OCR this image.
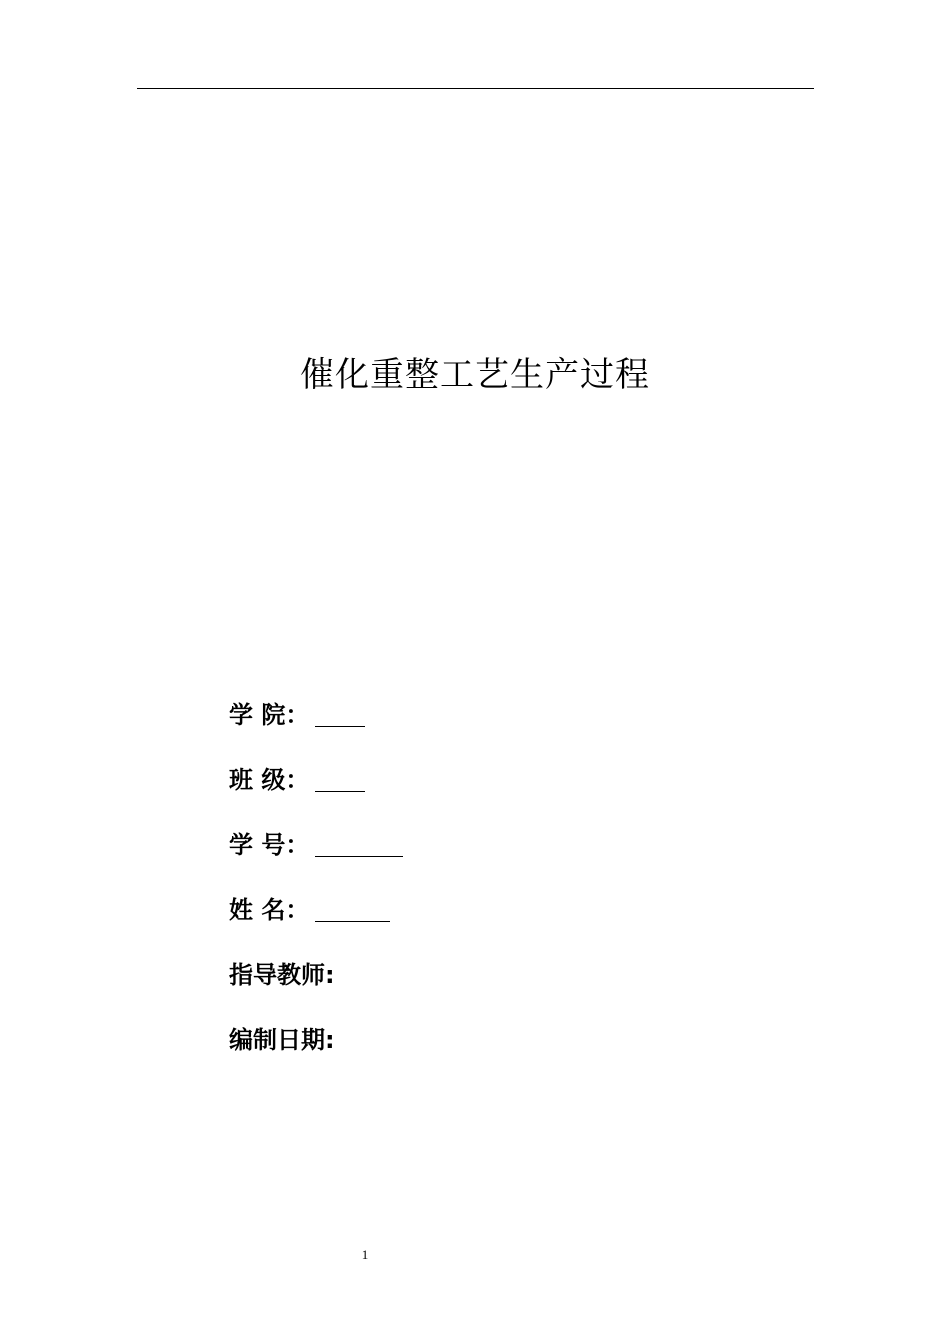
催化重整工艺生产过程
学 院：
班 级：
学 号：
姓 名：
指导教师:
编制日期:
1
